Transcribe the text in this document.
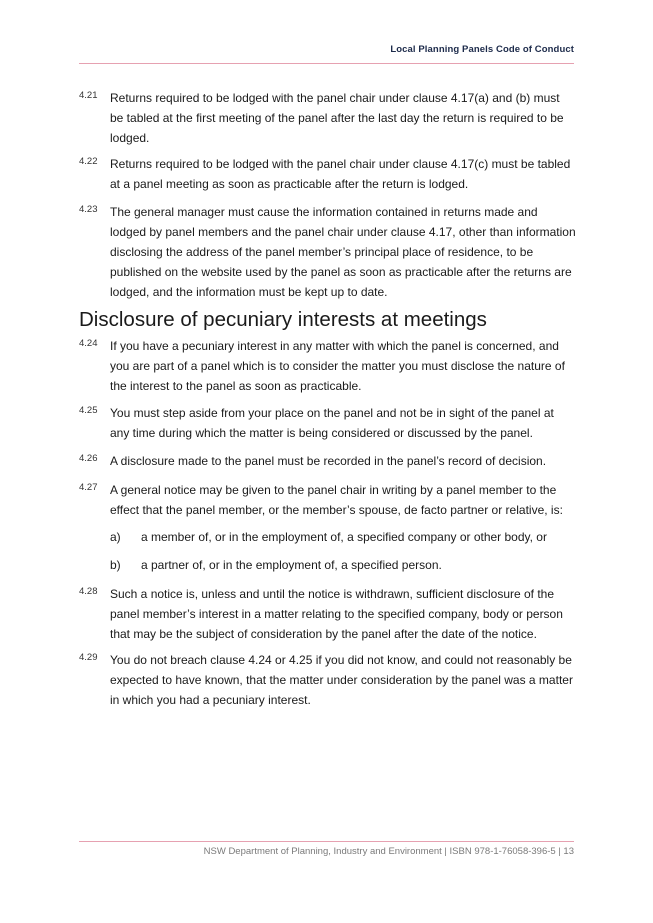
Local Planning Panels Code of Conduct
4.21 Returns required to be lodged with the panel chair under clause 4.17(a) and (b) must be tabled at the first meeting of the panel after the last day the return is required to be lodged.
4.22 Returns required to be lodged with the panel chair under clause 4.17(c) must be tabled at a panel meeting as soon as practicable after the return is lodged.
4.23 The general manager must cause the information contained in returns made and lodged by panel members and the panel chair under clause 4.17, other than information disclosing the address of the panel member’s principal place of residence, to be published on the website used by the panel as soon as practicable after the returns are lodged, and the information must be kept up to date.
Disclosure of pecuniary interests at meetings
4.24 If you have a pecuniary interest in any matter with which the panel is concerned, and you are part of a panel which is to consider the matter you must disclose the nature of the interest to the panel as soon as practicable.
4.25 You must step aside from your place on the panel and not be in sight of the panel at any time during which the matter is being considered or discussed by the panel.
4.26 A disclosure made to the panel must be recorded in the panel’s record of decision.
4.27 A general notice may be given to the panel chair in writing by a panel member to the effect that the panel member, or the member’s spouse, de facto partner or relative, is:
a) a member of, or in the employment of, a specified company or other body, or
b) a partner of, or in the employment of, a specified person.
4.28 Such a notice is, unless and until the notice is withdrawn, sufficient disclosure of the panel member’s interest in a matter relating to the specified company, body or person that may be the subject of consideration by the panel after the date of the notice.
4.29 You do not breach clause 4.24 or 4.25 if you did not know, and could not reasonably be expected to have known, that the matter under consideration by the panel was a matter in which you had a pecuniary interest.
NSW Department of Planning, Industry and Environment | ISBN 978-1-76058-396-5 | 13
